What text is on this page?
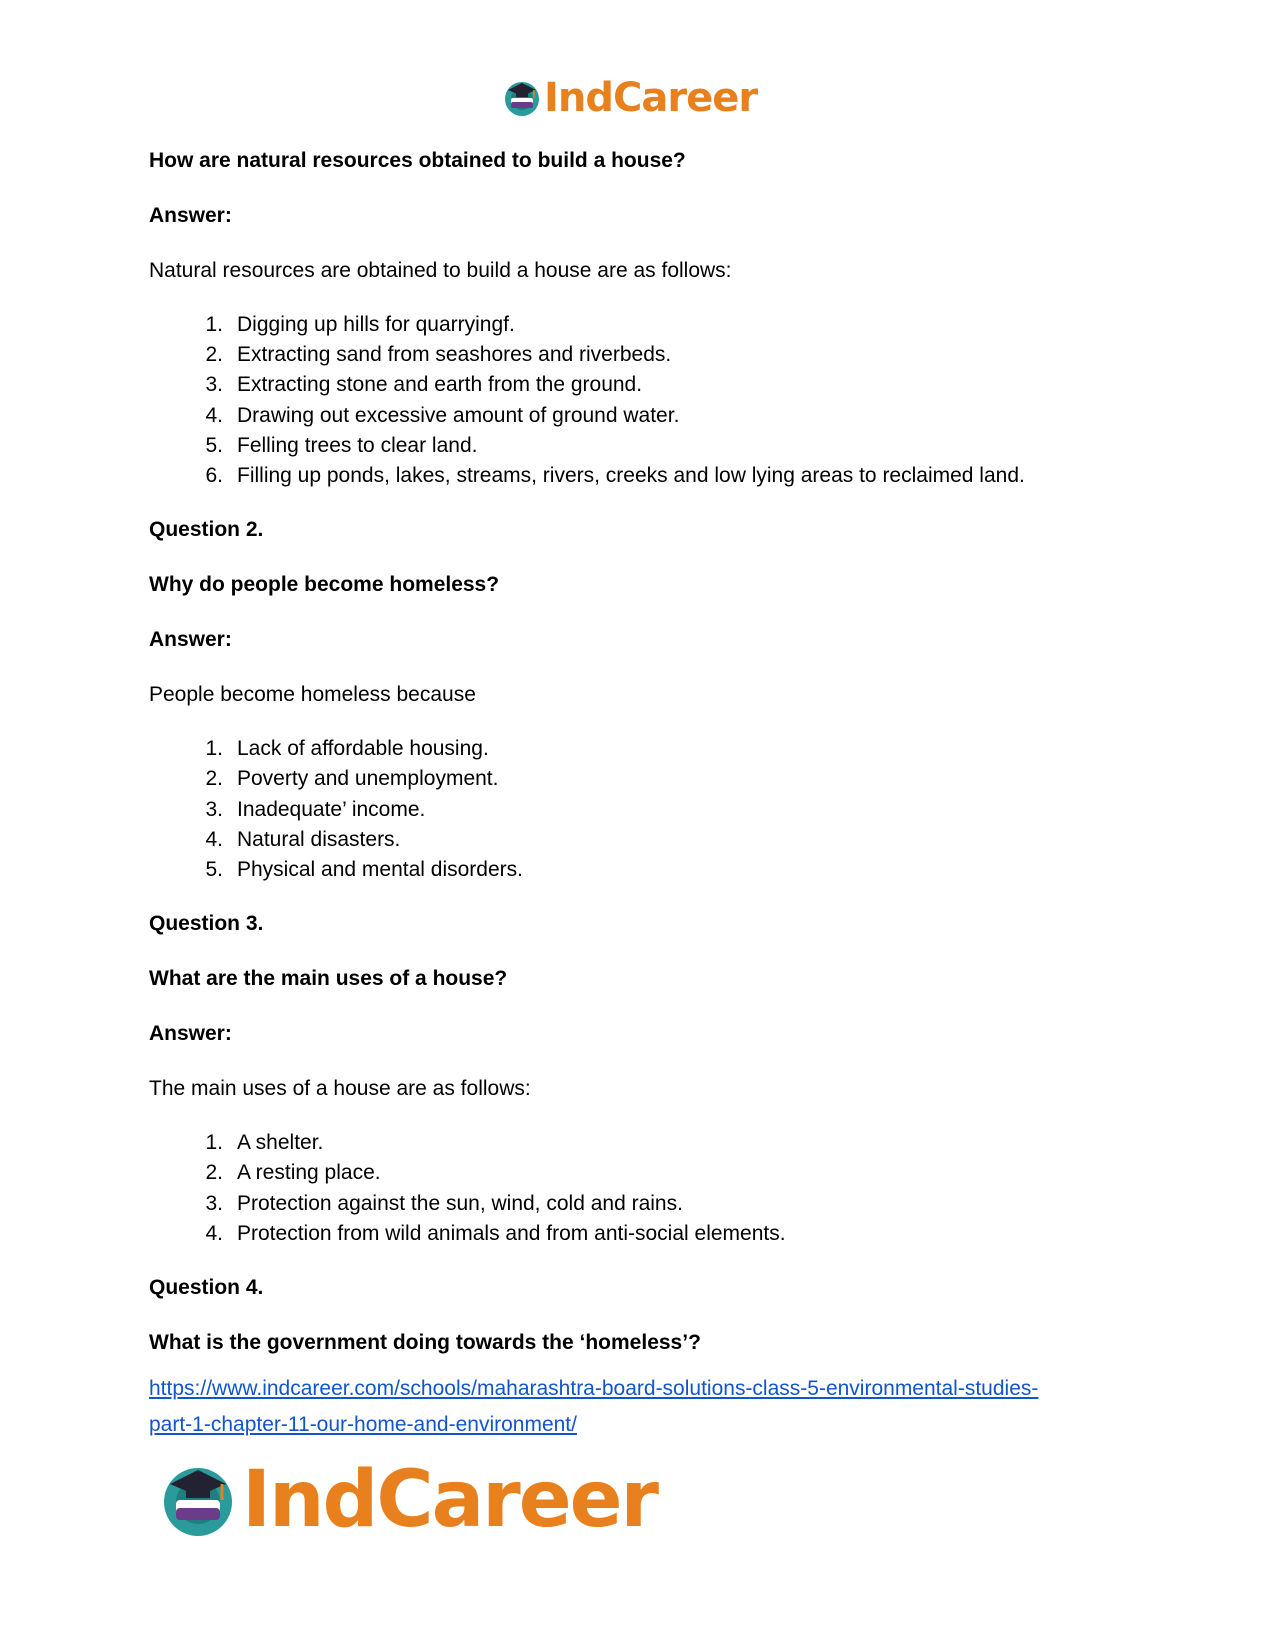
IndCareer

How are natural resources obtained to build a house?

Answer:

Natural resources are obtained to build a house are as follows:

1. Digging up hills for quarryingf.
2. Extracting sand from seashores and riverbeds.
3. Extracting stone and earth from the ground.
4. Drawing out excessive amount of ground water.
5. Felling trees to clear land.
6. Filling up ponds, lakes, streams, rivers, creeks and low lying areas to reclaimed land.

Question 2.

Why do people become homeless?

Answer:

People become homeless because

1. Lack of affordable housing.
2. Poverty and unemployment.
3. Inadequate’ income.
4. Natural disasters.
5. Physical and mental disorders.

Question 3.

What are the main uses of a house?

Answer:

The main uses of a house are as follows:

1. A shelter.
2. A resting place.
3. Protection against the sun, wind, cold and rains.
4. Protection from wild animals and from anti-social elements.

Question 4.

What is the government doing towards the ‘homeless’?

https://www.indcareer.com/schools/maharashtra-board-solutions-class-5-environmental-studies-
part-1-chapter-11-our-home-and-environment/
IndCareer
